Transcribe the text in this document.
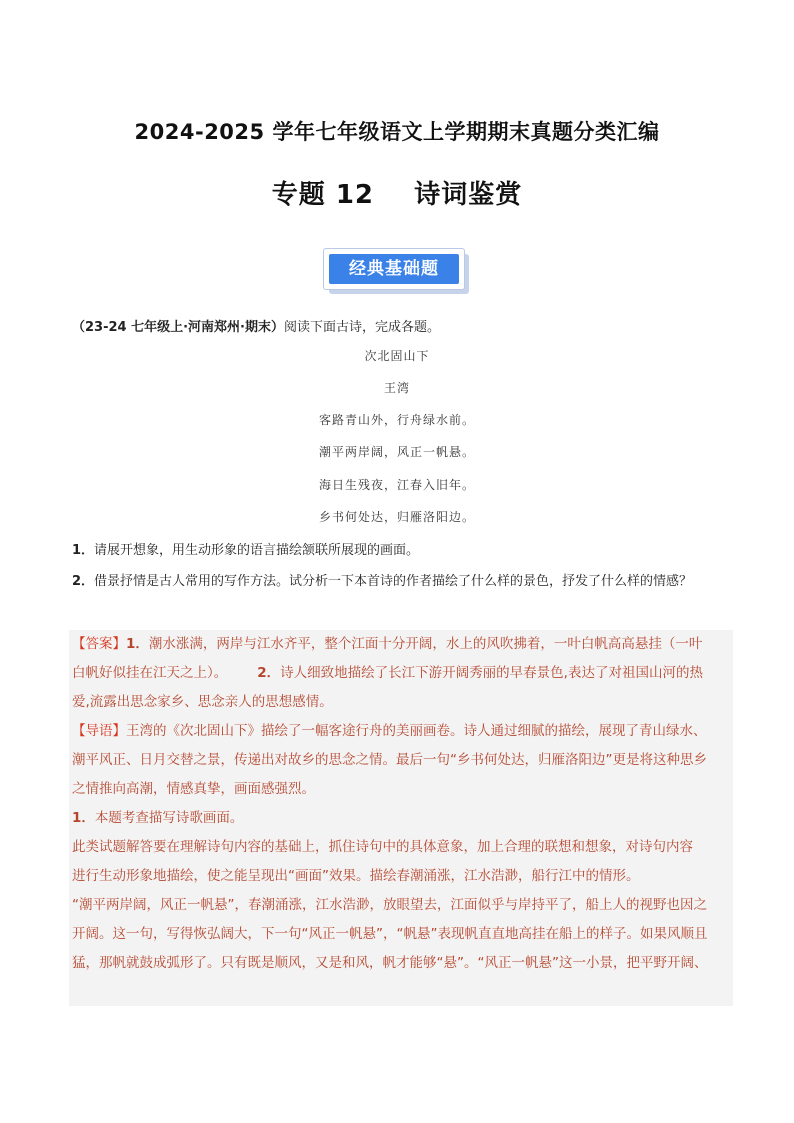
2024-2025 学年七年级语文上学期期末真题分类汇编
专题 12    诗词鉴赏
经典基础题
（23-24 七年级上·河南郑州·期末）阅读下面古诗，完成各题。
次北固山下
王湾
客路青山外，行舟绿水前。
潮平两岸阔，风正一帆悬。
海日生残夜，江春入旧年。
乡书何处达，归雁洛阳边。
1．请展开想象，用生动形象的语言描绘颔联所展现的画面。
2．借景抒情是古人常用的写作方法。试分析一下本首诗的作者描绘了什么样的景色，抒发了什么样的情感？
【答案】1．潮水涨满，两岸与江水齐平，整个江面十分开阔，水上的风吹拂着，一叶白帆高高悬挂（一叶
白帆好似挂在江天之上）。 2．诗人细致地描绘了长江下游开阔秀丽的早春景色,表达了对祖国山河的热
爱,流露出思念家乡、思念亲人的思想感情。
【导语】王湾的《次北固山下》描绘了一幅客途行舟的美丽画卷。诗人通过细腻的描绘，展现了青山绿水、
潮平风正、日月交替之景，传递出对故乡的思念之情。最后一句“乡书何处达，归雁洛阳边”更是将这种思乡
之情推向高潮，情感真挚，画面感强烈。
1．本题考查描写诗歌画面。
此类试题解答要在理解诗句内容的基础上，抓住诗句中的具体意象，加上合理的联想和想象，对诗句内容
进行生动形象地描绘，使之能呈现出“画面”效果。描绘春潮涌涨，江水浩渺，船行江中的情形。
“潮平两岸阔，风正一帆悬”，春潮涌涨，江水浩渺，放眼望去，江面似乎与岸持平了，船上人的视野也因之
开阔。这一句，写得恢弘阔大，下一句“风正一帆悬”，“帆悬”表现帆直直地高挂在船上的样子。如果风顺且
猛，那帆就鼓成弧形了。只有既是顺风，又是和风，帆才能够“悬”。“风正一帆悬”这一小景，把平野开阔、
